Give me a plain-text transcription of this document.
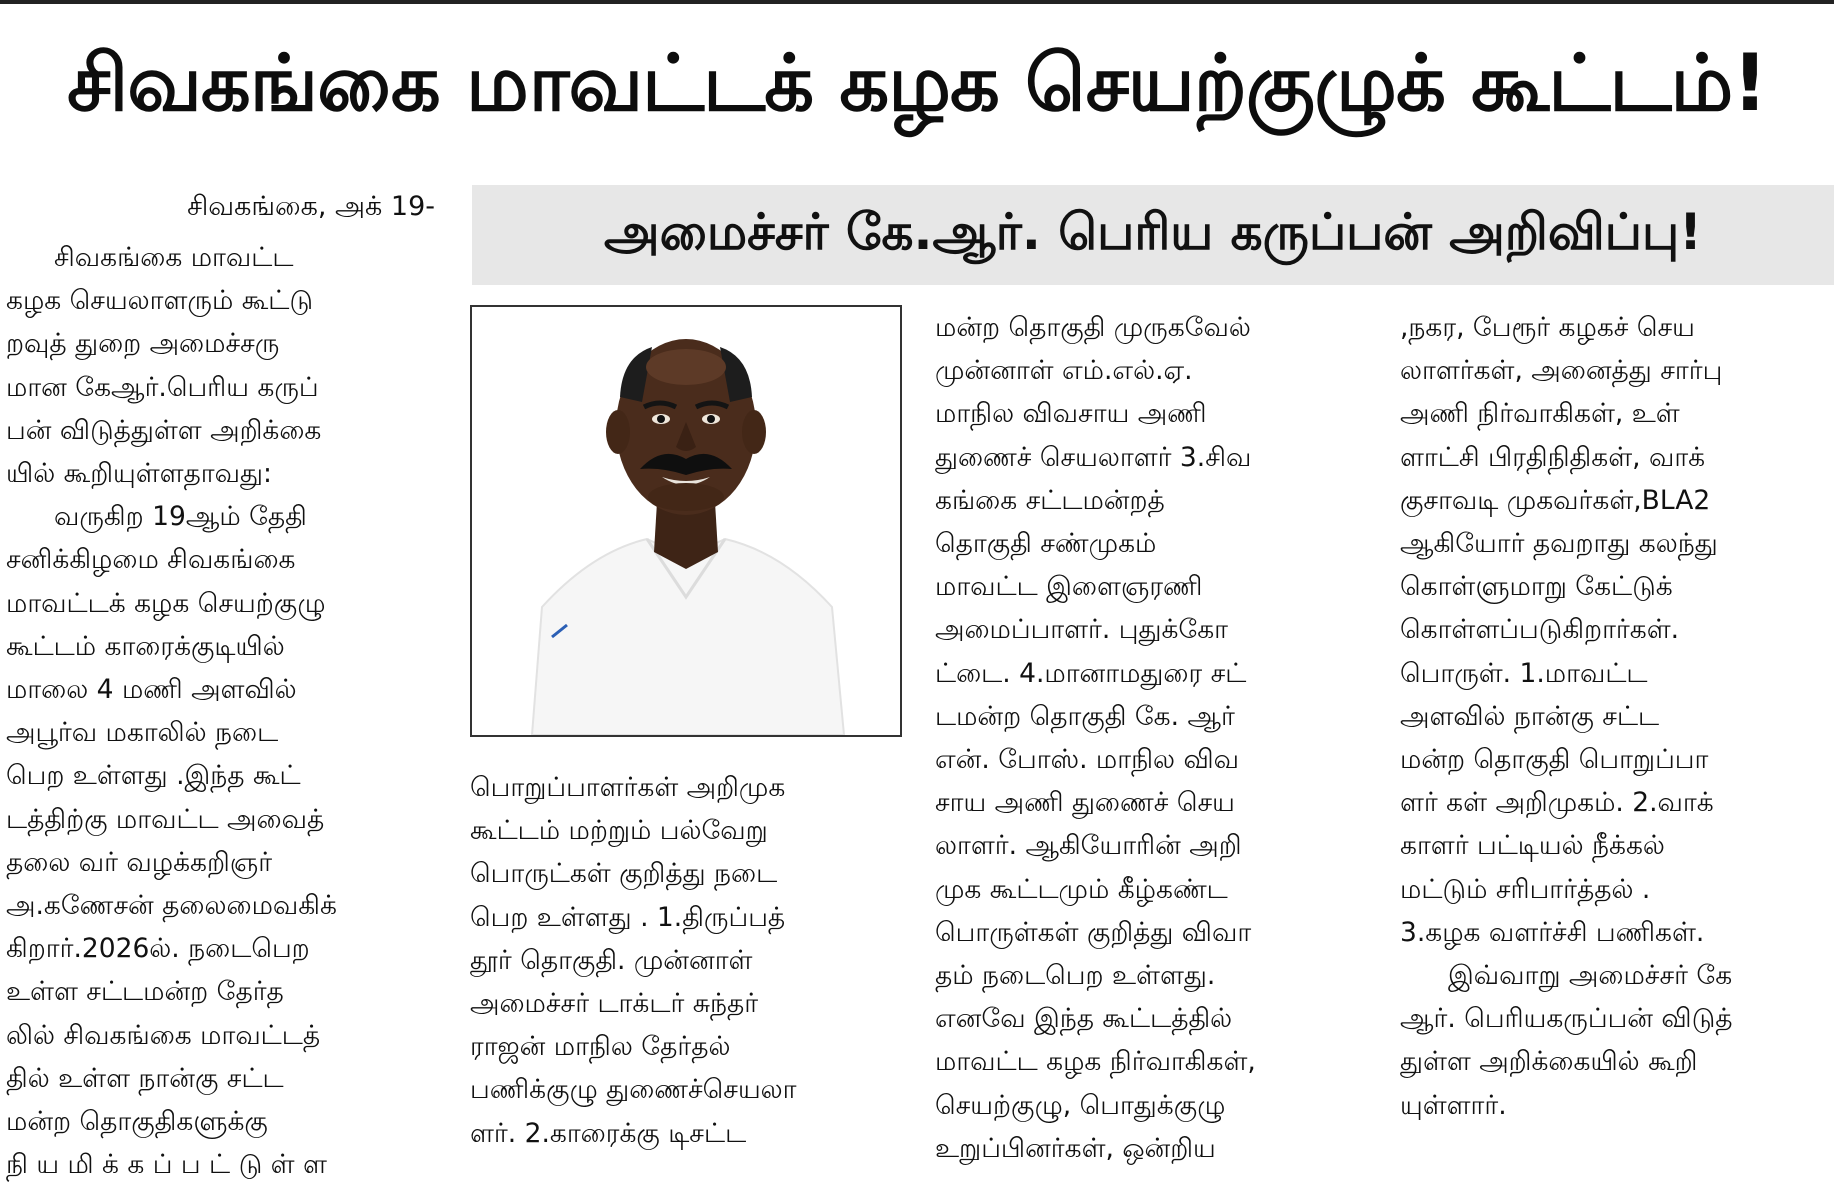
சிவகங்கை மாவட்டக் கழக செயற்குழுக் கூட்டம்!
சிவகங்கை, அக் 19-	அமைச்சர் கே.ஆர். பெரிய கருப்பன் அறிவிப்பு!
சிவகங்கை மாவட்ட
கழக செயலாளரும் கூட்டு
றவுத் துறை அமைச்சரு
மான கேஆர்.பெரிய கருப்
பன் விடுத்துள்ள அறிக்கை
யில் கூறியுள்ளதாவது:
வருகிற 19ஆம் தேதி
சனிக்கிழமை சிவகங்கை
மாவட்டக் கழக செயற்குழு
கூட்டம் காரைக்குடியில்
மாலை 4 மணி அளவில்
அபூர்வ மகாலில் நடை
பெற உள்ளது .இந்த கூட்
டத்திற்கு மாவட்ட அவைத்
தலை வர் வழக்கறிஞர்
அ.கணேசன் தலைமைவகிக்
கிறார்.2026ல். நடைபெற
உள்ள சட்டமன்ற தேர்த
லில் சிவகங்கை மாவட்டத்
தில் உள்ள நான்கு சட்ட
மன்ற தொகுதிகளுக்கு
நி ய மி க் க ப் ப ட் டு ள் ள
பொறுப்பாளர்கள் அறிமுக
கூட்டம் மற்றும் பல்வேறு
பொருட்கள் குறித்து நடை
பெற உள்ளது . 1.திருப்பத்
தூர் தொகுதி. முன்னாள்
அமைச்சர் டாக்டர் சுந்தர்
ராஜன் மாநில தேர்தல்
பணிக்குழு துணைச்செயலா
ளர். 2.காரைக்கு டிசட்ட
மன்ற தொகுதி முருகவேல்
முன்னாள் எம்.எல்.ஏ.
மாநில விவசாய அணி
துணைச் செயலாளர் 3.சிவ
கங்கை சட்டமன்றத்
தொகுதி சண்முகம்
மாவட்ட இளைஞரணி
அமைப்பாளர். புதுக்கோ
ட்டை. 4.மானாமதுரை சட்
டமன்ற தொகுதி கே. ஆர்
என். போஸ். மாநில விவ
சாய அணி துணைச் செய
லாளர். ஆகியோரின் அறி
முக கூட்டமும் கீழ்கண்ட
பொருள்கள் குறித்து விவா
தம் நடைபெற உள்ளது.
எனவே இந்த கூட்டத்தில்
மாவட்ட கழக நிர்வாகிகள்,
செயற்குழு, பொதுக்குழு
உறுப்பினர்கள், ஒன்றிய
,நகர, பேரூர் கழகச் செய
லாளர்கள், அனைத்து சார்பு
அணி நிர்வாகிகள், உள்
ளாட்சி பிரதிநிதிகள், வாக்
குசாவடி முகவர்கள்,BLA2
ஆகியோர் தவறாது கலந்து
கொள்ளுமாறு கேட்டுக்
கொள்ளப்படுகிறார்கள்.
பொருள். 1.மாவட்ட
அளவில் நான்கு சட்ட
மன்ற தொகுதி பொறுப்பா
ளர் கள் அறிமுகம். 2.வாக்
காளர் பட்டியல் நீக்கல்
மட்டும் சரிபார்த்தல் .
3.கழக வளர்ச்சி பணிகள்.
இவ்வாறு அமைச்சர் கே
ஆர். பெரியகருப்பன் விடுத்
துள்ள அறிக்கையில் கூறி
யுள்ளார்.
